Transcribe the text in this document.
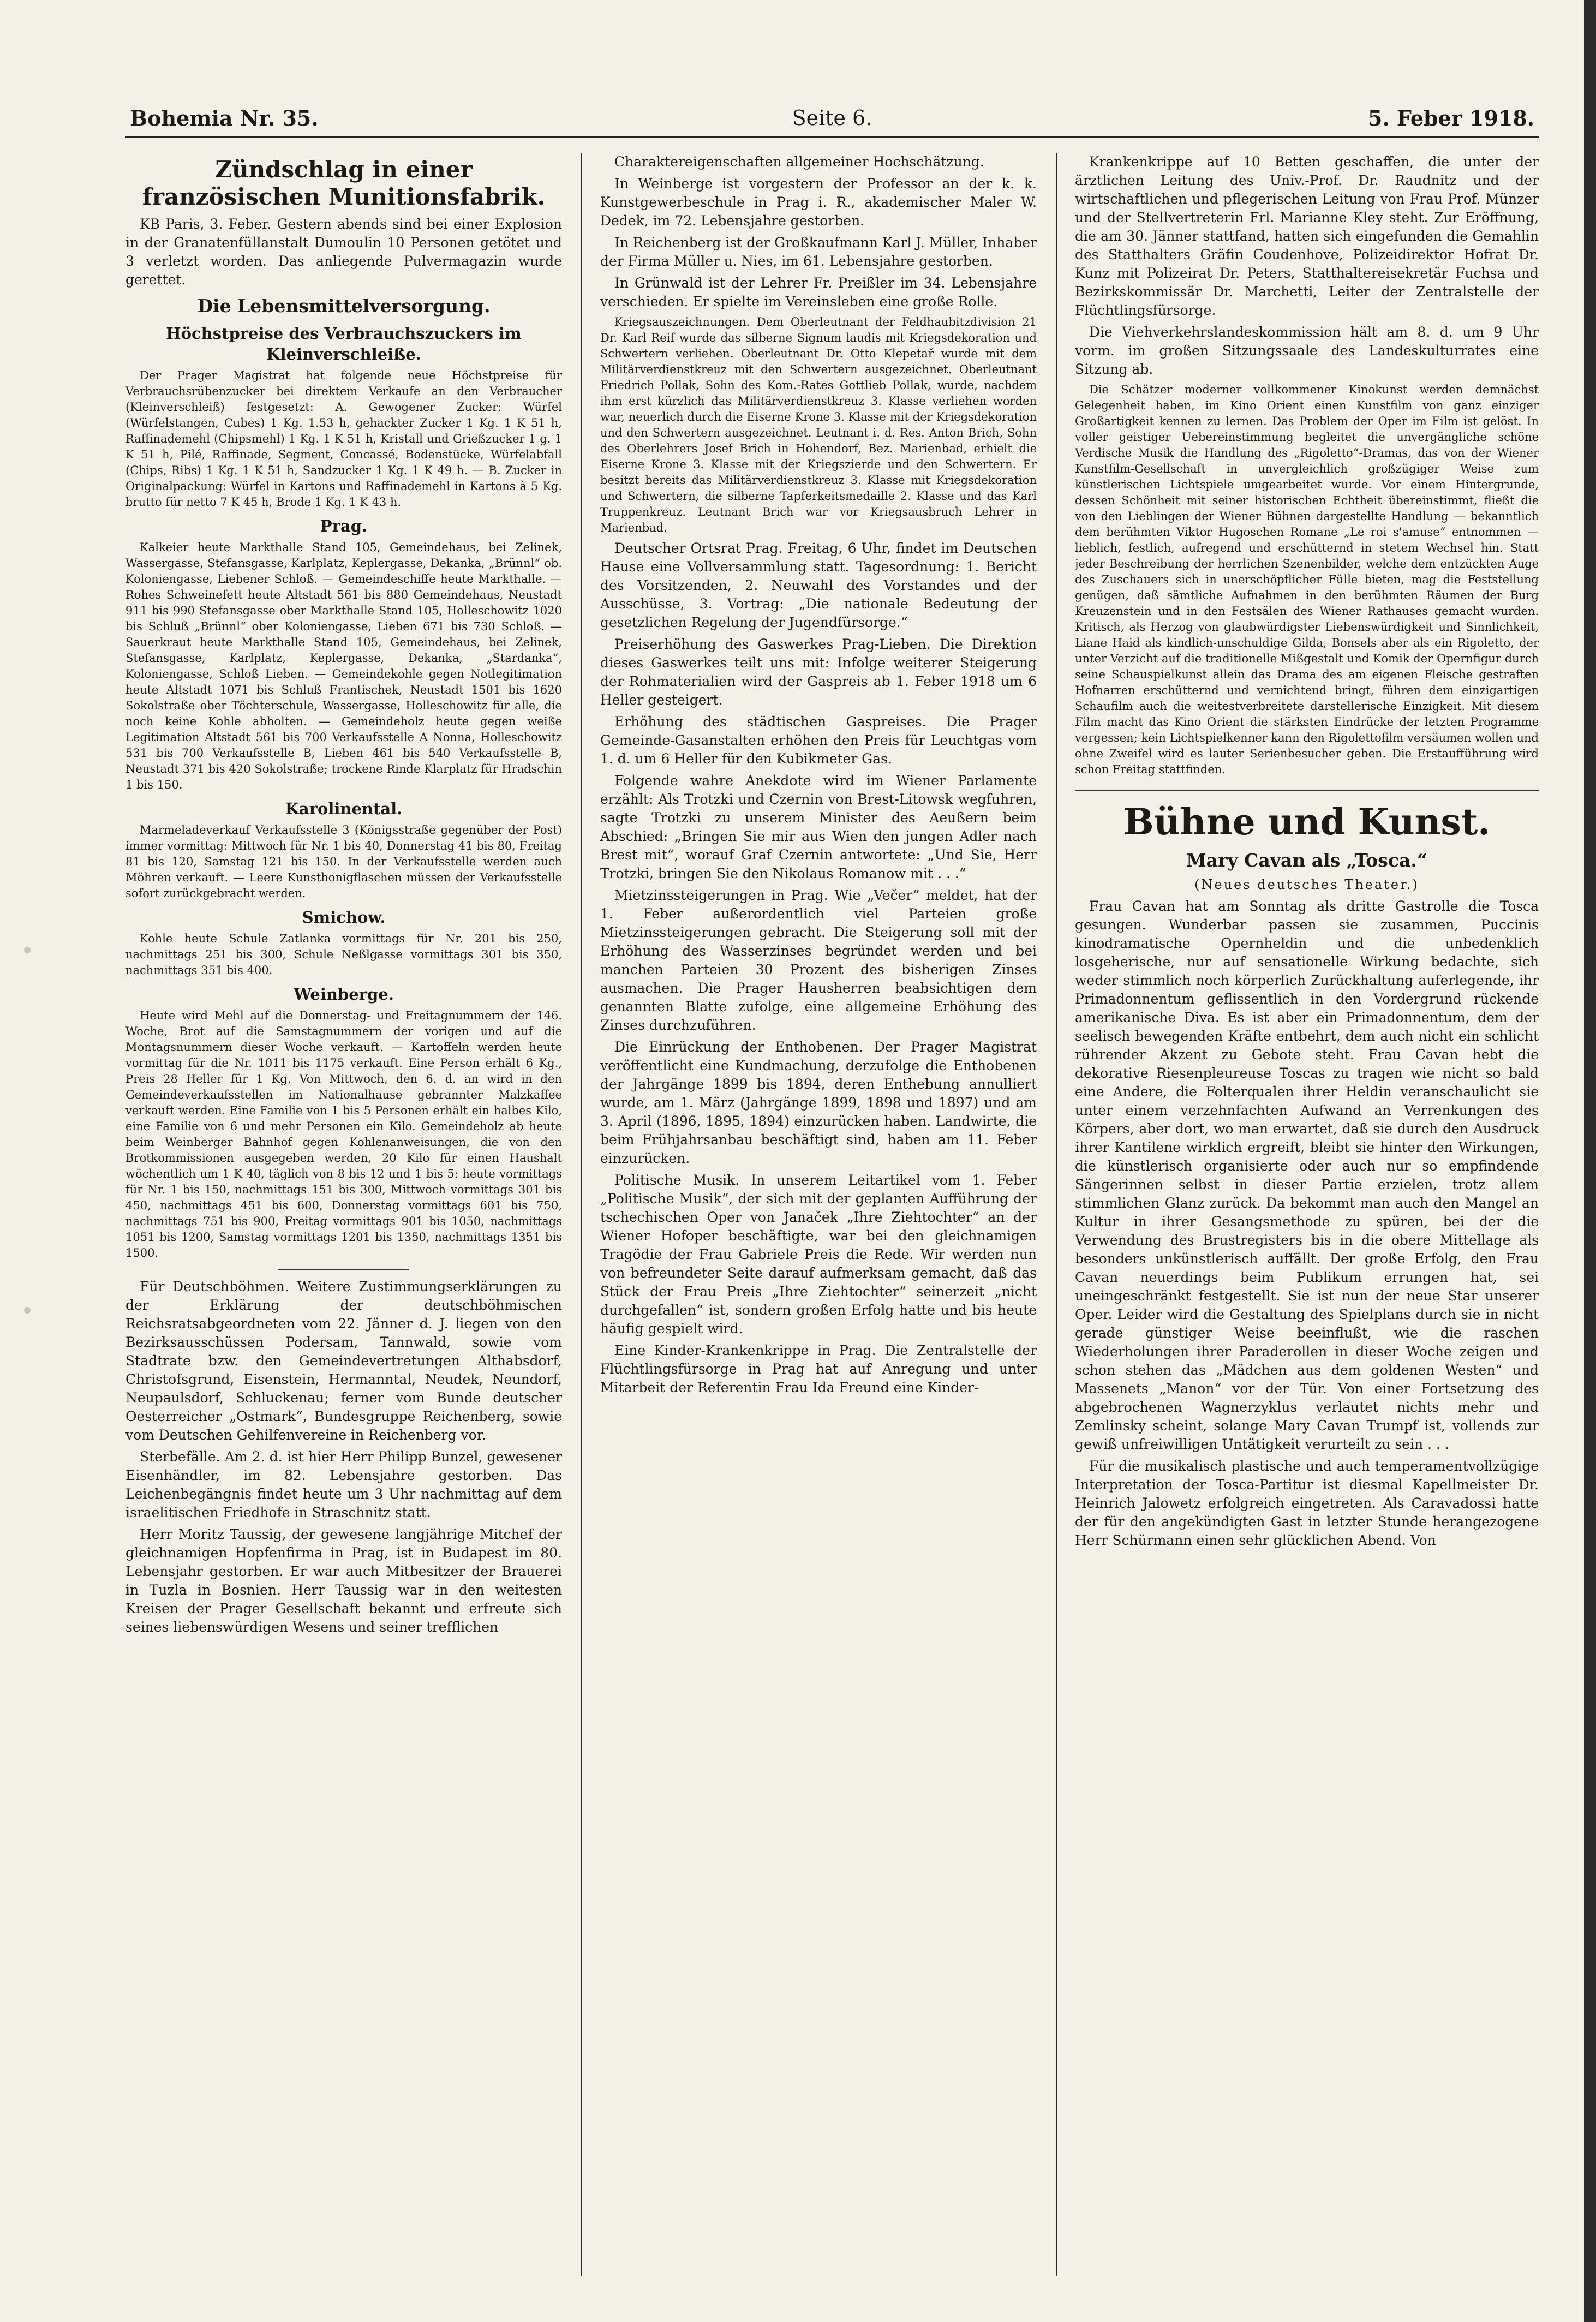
Bohemia Nr. 35.	Seite 6.	5. Feber 1918.
Zündschlag in einer französischen Munitionsfabrik.

KB Paris, 3. Feber. Gestern abends sind bei einer Explosion in der Granatenfüllanstalt Dumoulin 10 Personen getötet und 3 verletzt worden. Das anliegende Pulvermagazin wurde gerettet.

Die Lebensmittelversorgung.
Höchstpreise des Verbrauchszuckers im Kleinverschleiße.

Der Prager Magistrat hat folgende neue Höchstpreise für Verbrauchsrübenzucker bei direktem Verkaufe an den Verbraucher (Kleinverschleiß) festgesetzt: A. Gewogener Zucker: Würfel (Würfelstangen, Cubes) 1 Kg. 1.53 h, gehackter Zucker 1 Kg. 1 K 51 h, Raffinademehl (Chipsmehl) 1 Kg. 1 K 51 h, Kristall und Grießzucker 1 g. 1 K 51 h, Pilé, Raffinade, Segment, Concassé, Bodenstücke, Würfelabfall (Chips, Ribs) 1 Kg. 1 K 51 h, Sandzucker 1 Kg. 1 K 49 h. — B. Zucker in Originalpackung: Würfel in Kartons und Raffinademehl in Kartons à 5 Kg. brutto für netto 7 K 45 h, Brode 1 Kg. 1 K 43 h.

Prag.

Kalkeier heute Markthalle Stand 105, Gemeindehaus, bei Zelinek, Wassergasse, Stefansgasse, Karlplatz, Keplergasse, Dekanka, „Brünnl“ ob. Koloniengasse, Liebener Schloß. — Gemeindeschiffe heute Markthalle. — Rohes Schweinefett heute Altstadt 561 bis 880 Gemeindehaus, Neustadt 911 bis 990 Stefansgasse ober Markthalle Stand 105, Holleschowitz 1020 bis Schluß „Brünnl“ ober Koloniengasse, Lieben 671 bis 730 Schloß. — Sauerkraut heute Markthalle Stand 105, Gemeindehaus, bei Zelinek, Stefansgasse, Karlplatz, Keplergasse, Dekanka, „Stardanka“, Koloniengasse, Schloß Lieben. — Gemeindekohle gegen Notlegitimation heute Altstadt 1071 bis Schluß Frantischek, Neustadt 1501 bis 1620 Sokolstraße ober Töchterschule, Wassergasse, Holleschowitz für alle, die noch keine Kohle abholten. — Gemeindeholz heute gegen weiße Legitimation Altstadt 561 bis 700 Verkaufsstelle A Nonna, Holleschowitz 531 bis 700 Verkaufsstelle B, Lieben 461 bis 540 Verkaufsstelle B, Neustadt 371 bis 420 Sokolstraße; trockene Rinde Klarplatz für Hradschin 1 bis 150.

Karolinental.

Marmeladeverkauf Verkaufsstelle 3 (Königsstraße gegenüber der Post) immer vormittag: Mittwoch für Nr. 1 bis 40, Donnerstag 41 bis 80, Freitag 81 bis 120, Samstag 121 bis 150. In der Verkaufsstelle werden auch Möhren verkauft. — Leere Kunsthonigflaschen müssen der Verkaufsstelle sofort zurückgebracht werden.

Smichow.

Kohle heute Schule Zatlanka vormittags für Nr. 201 bis 250, nachmittags 251 bis 300, Schule Neßlgasse vormittags 301 bis 350, nachmittags 351 bis 400.

Weinberge.

Heute wird Mehl auf die Donnerstag- und Freitagnummern der 146. Woche, Brot auf die Samstagnummern der vorigen und auf die Montagsnummern dieser Woche verkauft. — Kartoffeln werden heute vormittag für die Nr. 1011 bis 1175 verkauft. Eine Person erhält 6 Kg., Preis 28 Heller für 1 Kg. Von Mittwoch, den 6. d. an wird in den Gemeindeverkaufsstellen im Nationalhause gebrannter Malzkaffee verkauft werden. Eine Familie von 1 bis 5 Personen erhält ein halbes Kilo, eine Familie von 6 und mehr Personen ein Kilo. Gemeindeholz ab heute beim Weinberger Bahnhof gegen Kohlenanweisungen, die von den Brotkommissionen ausgegeben werden, 20 Kilo für einen Haushalt wöchentlich um 1 K 40, täglich von 8 bis 12 und 1 bis 5: heute vormittags für Nr. 1 bis 150, nachmittags 151 bis 300, Mittwoch vormittags 301 bis 450, nachmittags 451 bis 600, Donnerstag vormittags 601 bis 750, nachmittags 751 bis 900, Freitag vormittags 901 bis 1050, nachmittags 1051 bis 1200, Samstag vormittags 1201 bis 1350, nachmittags 1351 bis 1500.

Für Deutschböhmen. Weitere Zustimmungserklärungen zu der Erklärung der deutschböhmischen Reichsratsabgeordneten vom 22. Jänner d. J. liegen von den Bezirksausschüssen Podersam, Tannwald, sowie vom Stadtrate bzw. den Gemeindevertretungen Althabsdorf, Christofsgrund, Eisenstein, Hermanntal, Neudek, Neundorf, Neupaulsdorf, Schluckenau; ferner vom Bunde deutscher Oesterreicher „Ostmark“, Bundesgruppe Reichenberg, sowie vom Deutschen Gehilfenvereine in Reichenberg vor.

Sterbefälle. Am 2. d. ist hier Herr Philipp Bunzel, gewesener Eisenhändler, im 82. Lebensjahre gestorben. Das Leichenbegängnis findet heute um 3 Uhr nachmittag auf dem israelitischen Friedhofe in Straschnitz statt.

Herr Moritz Taussig, der gewesene langjährige Mitchef der gleichnamigen Hopfenfirma in Prag, ist in Budapest im 80. Lebensjahr gestorben. Er war auch Mitbesitzer der Brauerei in Tuzla in Bosnien. Herr Taussig war in den weitesten Kreisen der Prager Gesellschaft bekannt und erfreute sich seines liebenswürdigen Wesens und seiner trefflichen

Charaktereigenschaften allgemeiner Hochschätzung.

In Weinberge ist vorgestern der Professor an der k. k. Kunstgewerbeschule in Prag i. R., akademischer Maler W. Dedek, im 72. Lebensjahre gestorben.

In Reichenberg ist der Großkaufmann Karl J. Müller, Inhaber der Firma Müller u. Nies, im 61. Lebensjahre gestorben.

In Grünwald ist der Lehrer Fr. Preißler im 34. Lebensjahre verschieden. Er spielte im Vereinsleben eine große Rolle.

Kriegsauszeichnungen. Dem Oberleutnant der Feldhaubitzdivision 21 Dr. Karl Reif wurde das silberne Signum laudis mit Kriegsdekoration und Schwertern verliehen. Oberleutnant Dr. Otto Klepetař wurde mit dem Militärverdienstkreuz mit den Schwertern ausgezeichnet. Oberleutnant Friedrich Pollak, Sohn des Kom.-Rates Gottlieb Pollak, wurde, nachdem ihm erst kürzlich das Militärverdienstkreuz 3. Klasse verliehen worden war, neuerlich durch die Eiserne Krone 3. Klasse mit der Kriegsdekoration und den Schwertern ausgezeichnet. Leutnant i. d. Res. Anton Brich, Sohn des Oberlehrers Josef Brich in Hohendorf, Bez. Marienbad, erhielt die Eiserne Krone 3. Klasse mit der Kriegszierde und den Schwertern. Er besitzt bereits das Militärverdienstkreuz 3. Klasse mit Kriegsdekoration und Schwertern, die silberne Tapferkeitsmedaille 2. Klasse und das Karl Truppenkreuz. Leutnant Brich war vor Kriegsausbruch Lehrer in Marienbad.

Deutscher Ortsrat Prag. Freitag, 6 Uhr, findet im Deutschen Hause eine Vollversammlung statt. Tagesordnung: 1. Bericht des Vorsitzenden, 2. Neuwahl des Vorstandes und der Ausschüsse, 3. Vortrag: „Die nationale Bedeutung der gesetzlichen Regelung der Jugendfürsorge.“

Preiserhöhung des Gaswerkes Prag-Lieben. Die Direktion dieses Gaswerkes teilt uns mit: Infolge weiterer Steigerung der Rohmaterialien wird der Gaspreis ab 1. Feber 1918 um 6 Heller gesteigert.

Erhöhung des städtischen Gaspreises. Die Prager Gemeinde-Gasanstalten erhöhen den Preis für Leuchtgas vom 1. d. um 6 Heller für den Kubikmeter Gas.

Folgende wahre Anekdote wird im Wiener Parlamente erzählt: Als Trotzki und Czernin von Brest-Litowsk wegfuhren, sagte Trotzki zu unserem Minister des Aeußern beim Abschied: „Bringen Sie mir aus Wien den jungen Adler nach Brest mit“, worauf Graf Czernin antwortete: „Und Sie, Herr Trotzki, bringen Sie den Nikolaus Romanow mit . . .“

Mietzinssteigerungen in Prag. Wie „Večer“ meldet, hat der 1. Feber außerordentlich viel Parteien große Mietzinssteigerungen gebracht. Die Steigerung soll mit der Erhöhung des Wasserzinses begründet werden und bei manchen Parteien 30 Prozent des bisherigen Zinses ausmachen. Die Prager Hausherren beabsichtigen dem genannten Blatte zufolge, eine allgemeine Erhöhung des Zinses durchzuführen.

Die Einrückung der Enthobenen. Der Prager Magistrat veröffentlicht eine Kundmachung, derzufolge die Enthobenen der Jahrgänge 1899 bis 1894, deren Enthebung annulliert wurde, am 1. März (Jahrgänge 1899, 1898 und 1897) und am 3. April (1896, 1895, 1894) einzurücken haben. Landwirte, die beim Frühjahrsanbau beschäftigt sind, haben am 11. Feber einzurücken.

Politische Musik. In unserem Leitartikel vom 1. Feber „Politische Musik“, der sich mit der geplanten Aufführung der tschechischen Oper von Janaček „Ihre Ziehtochter“ an der Wiener Hofoper beschäftigte, war bei den gleichnamigen Tragödie der Frau Gabriele Preis die Rede. Wir werden nun von befreundeter Seite darauf aufmerksam gemacht, daß das Stück der Frau Preis „Ihre Ziehtochter“ seinerzeit „nicht durchgefallen“ ist, sondern großen Erfolg hatte und bis heute häufig gespielt wird.

Eine Kinder-Krankenkrippe in Prag. Die Zentralstelle der Flüchtlingsfürsorge in Prag hat auf Anregung und unter Mitarbeit der Referentin Frau Ida Freund eine Kinder-

Krankenkrippe auf 10 Betten geschaffen, die unter der ärztlichen Leitung des Univ.-Prof. Dr. Raudnitz und der wirtschaftlichen und pflegerischen Leitung von Frau Prof. Münzer und der Stellvertreterin Frl. Marianne Kley steht. Zur Eröffnung, die am 30. Jänner stattfand, hatten sich eingefunden die Gemahlin des Statthalters Gräfin Coudenhove, Polizeidirektor Hofrat Dr. Kunz mit Polizeirat Dr. Peters, Statthaltereisekretär Fuchsa und Bezirkskommissär Dr. Marchetti, Leiter der Zentralstelle der Flüchtlingsfürsorge.

Die Viehverkehrslandeskommission hält am 8. d. um 9 Uhr vorm. im großen Sitzungssaale des Landeskulturrates eine Sitzung ab.

Die Schätzer moderner vollkommener Kinokunst werden demnächst Gelegenheit haben, im Kino Orient einen Kunstfilm von ganz einziger Großartigkeit kennen zu lernen. Das Problem der Oper im Film ist gelöst. In voller geistiger Uebereinstimmung begleitet die unvergängliche schöne Verdische Musik die Handlung des „Rigoletto“-Dramas, das von der Wiener Kunstfilm-Gesellschaft in unvergleichlich großzügiger Weise zum künstlerischen Lichtspiele umgearbeitet wurde. Vor einem Hintergrunde, dessen Schönheit mit seiner historischen Echtheit übereinstimmt, fließt die von den Lieblingen der Wiener Bühnen dargestellte Handlung — bekanntlich dem berühmten Viktor Hugoschen Romane „Le roi s'amuse“ entnommen — lieblich, festlich, aufregend und erschütternd in stetem Wechsel hin. Statt jeder Beschreibung der herrlichen Szenenbilder, welche dem entzückten Auge des Zuschauers sich in unerschöpflicher Fülle bieten, mag die Feststellung genügen, daß sämtliche Aufnahmen in den berühmten Räumen der Burg Kreuzenstein und in den Festsälen des Wiener Rathauses gemacht wurden. Kritisch, als Herzog von glaubwürdigster Liebenswürdigkeit und Sinnlichkeit, Liane Haid als kindlich-unschuldige Gilda, Bonsels aber als ein Rigoletto, der unter Verzicht auf die traditionelle Mißgestalt und Komik der Opernfigur durch seine Schauspielkunst allein das Drama des am eigenen Fleische gestraften Hofnarren erschütternd und vernichtend bringt, führen dem einzigartigen Schaufilm auch die weitestverbreitete darstellerische Einzigkeit. Mit diesem Film macht das Kino Orient die stärksten Eindrücke der letzten Programme vergessen; kein Lichtspielkenner kann den Rigolettofilm versäumen wollen und ohne Zweifel wird es lauter Serienbesucher geben. Die Erstaufführung wird schon Freitag stattfinden.

Bühne und Kunst.
Mary Cavan als „Tosca.“
(Neues deutsches Theater.)

Frau Cavan hat am Sonntag als dritte Gastrolle die Tosca gesungen. Wunderbar passen sie zusammen, Puccinis kinodramatische Opernheldin und die unbedenklich losgeherische, nur auf sensationelle Wirkung bedachte, sich weder stimmlich noch körperlich Zurückhaltung auferlegende, ihr Primadonnentum geflissentlich in den Vordergrund rückende amerikanische Diva. Es ist aber ein Primadonnentum, dem der seelisch bewegenden Kräfte entbehrt, dem auch nicht ein schlicht rührender Akzent zu Gebote steht. Frau Cavan hebt die dekorative Riesenpleureuse Toscas zu tragen wie nicht so bald eine Andere, die Folterqualen ihrer Heldin veranschaulicht sie unter einem verzehnfachten Aufwand an Verrenkungen des Körpers, aber dort, wo man erwartet, daß sie durch den Ausdruck ihrer Kantilene wirklich ergreift, bleibt sie hinter den Wirkungen, die künstlerisch organisierte oder auch nur so empfindende Sängerinnen selbst in dieser Partie erzielen, trotz allem stimmlichen Glanz zurück. Da bekommt man auch den Mangel an Kultur in ihrer Gesangsmethode zu spüren, bei der die Verwendung des Brustregisters bis in die obere Mittellage als besonders unkünstlerisch auffällt. Der große Erfolg, den Frau Cavan neuerdings beim Publikum errungen hat, sei uneingeschränkt festgestellt. Sie ist nun der neue Star unserer Oper. Leider wird die Gestaltung des Spielplans durch sie in nicht gerade günstiger Weise beeinflußt, wie die raschen Wiederholungen ihrer Paraderollen in dieser Woche zeigen und schon stehen das „Mädchen aus dem goldenen Westen“ und Massenets „Manon“ vor der Tür. Von einer Fortsetzung des abgebrochenen Wagnerzyklus verlautet nichts mehr und Zemlinsky scheint, solange Mary Cavan Trumpf ist, vollends zur gewiß unfreiwilligen Untätigkeit verurteilt zu sein . . .

Für die musikalisch plastische und auch temperamentvollzügige Interpretation der Tosca-Partitur ist diesmal Kapellmeister Dr. Heinrich Jalowetz erfolgreich eingetreten. Als Caravadossi hatte der für den angekündigten Gast in letzter Stunde herangezogene Herr Schürmann einen sehr glücklichen Abend. Von
